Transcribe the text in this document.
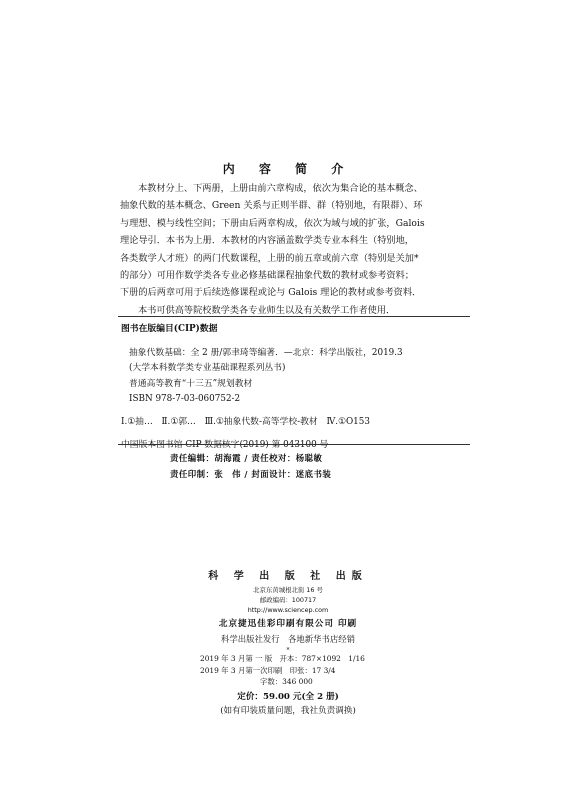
内 容 简 介
本教材分上、下两册，上册由前六章构成，依次为集合论的基本概念、
抽象代数的基本概念、Green 关系与正则半群、群（特别地，有限群）、环
与理想、模与线性空间；下册由后两章构成，依次为域与域的扩张，Galois
理论导引．本书为上册．本教材的内容涵盖数学类专业本科生（特别地，
各类数学人才班）的两门代数课程，上册的前五章或前六章（特别是关加*
的部分）可用作数学类各专业必修基础课程抽象代数的教材或参考资料；
下册的后两章可用于后续选修课程或论与 Galois 理论的教材或参考资料．
本书可供高等院校数学类各专业师生以及有关数学工作者使用．
图书在版编目(CIP)数据
抽象代数基础：全 2 册/郭聿琦等编著．—北京：科学出版社，2019.3
(大学本科数学类专业基础课程系列丛书)
普通高等教育“十三五”规划教材
ISBN 978-7-03-060752-2
Ⅰ.①抽…　Ⅱ.①郭…　Ⅲ.①抽象代数-高等学校-教材　Ⅳ.①O153
中国版本图书馆 CIP 数据核字(2019) 第 043100 号
责任编辑：胡海霞 / 责任校对：杨聪敏
责任印制：张　伟 / 封面设计：迷底书装
科 学 出 版 社 出版
北京东黄城根北街 16 号
邮政编码：100717
http://www.sciencep.com
北京捷迅佳彩印刷有限公司 印刷
科学出版社发行　各地新华书店经销
*
2019 年 3 月第 一 版　开本：787×1092　1/16
2019 年 3 月第一次印刷　印张：17 3/4
字数：346 000
定价：59.00 元(全 2 册)
(如有印装质量问题，我社负责调换)
